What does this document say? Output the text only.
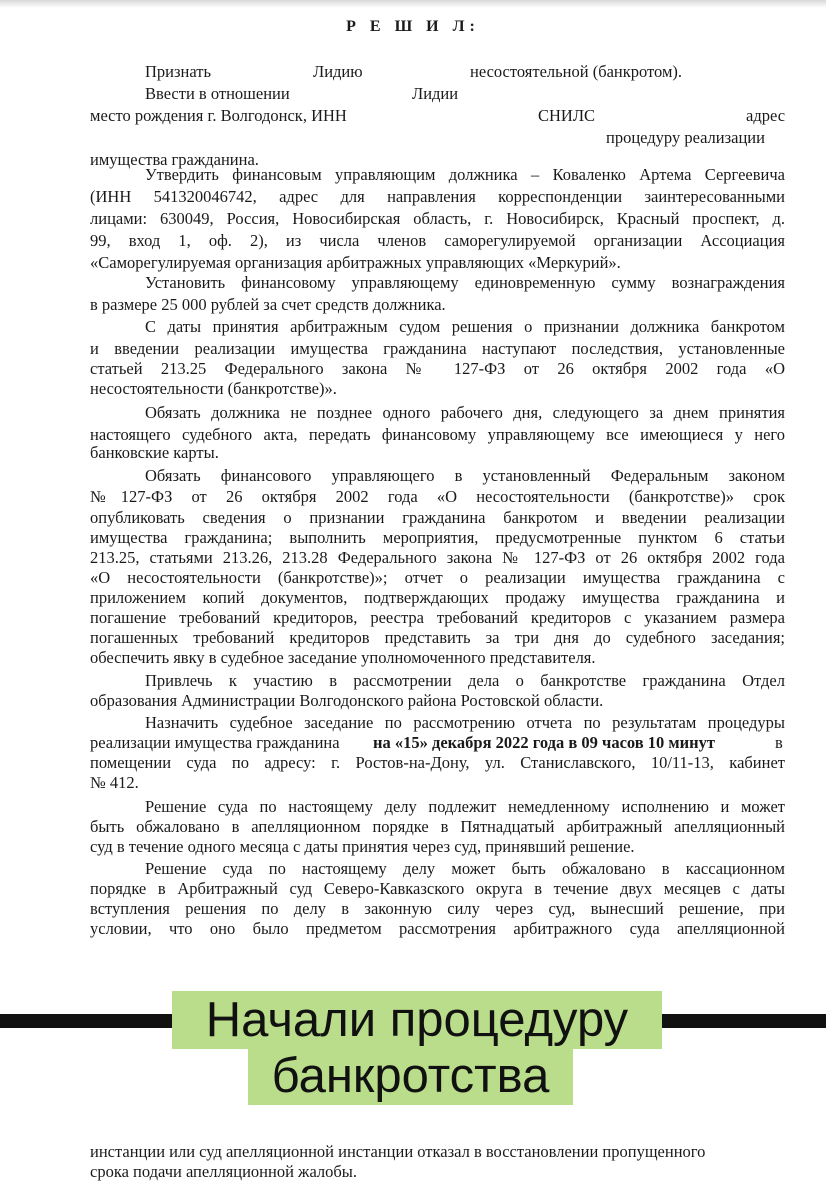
Р Е Ш И Л:
Признать	Лидию	несостоятельной (банкротом).
Ввести в отношении	Лидии
место рождения г. Волгодонск, ИНН	СНИЛС	адрес
процедуру реализации
имущества гражданина.
Утвердить финансовым управляющим должника – Коваленко Артема Сергеевича
(ИНН 541320046742, адрес для направления корреспонденции заинтересованными
лицами: 630049, Россия, Новосибирская область, г. Новосибирск, Красный проспект, д.
99, вход 1, оф. 2), из числа членов саморегулируемой организации Ассоциация
«Саморегулируемая организация арбитражных управляющих «Меркурий».
Установить финансовому управляющему единовременную сумму вознаграждения
в размере 25 000 рублей за счет средств должника.
С даты принятия арбитражным судом решения о признании должника банкротом
и введении реализации имущества гражданина наступают последствия, установленные
статьей 213.25 Федерального закона № 127-ФЗ от 26 октября 2002 года «О
несостоятельности (банкротстве)».
Обязать должника не позднее одного рабочего дня, следующего за днем принятия
настоящего судебного акта, передать финансовому управляющему все имеющиеся у него
банковские карты.
Обязать финансового управляющего в установленный Федеральным законом
№127-ФЗ от 26 октября 2002 года «О несостоятельности (банкротстве)» срок
опубликовать сведения о признании гражданина банкротом и введении реализации
имущества гражданина; выполнить мероприятия, предусмотренные пунктом 6 статьи
213.25, статьями 213.26, 213.28 Федерального закона № 127-ФЗ от 26 октября 2002 года
«О несостоятельности (банкротстве)»; отчет о реализации имущества гражданина с
приложением копий документов, подтверждающих продажу имущества гражданина и
погашение требований кредиторов, реестра требований кредиторов с указанием размера
погашенных требований кредиторов представить за три дня до судебного заседания;
обеспечить явку в судебное заседание уполномоченного представителя.
Привлечь к участию в рассмотрении дела о банкротстве гражданина Отдел
образования Администрации Волгодонского района Ростовской области.
Назначить судебное заседание по рассмотрению отчета по результатам процедуры
реализации имущества гражданина на «15» декабря 2022 года в 09 часов 10 минут	в
помещении суда по адресу: г. Ростов-на-Дону, ул. Станиславского, 10/11-13, кабинет
№ 412.
Решение суда по настоящему делу подлежит немедленному исполнению и может
быть обжаловано в апелляционном порядке в Пятнадцатый арбитражный апелляционный
суд в течение одного месяца с даты принятия через суд, принявший решение.
Решение суда по настоящему делу может быть обжаловано в кассационном
порядке в Арбитражный суд Северо-Кавказского округа в течение двух месяцев с даты
вступления решения по делу в законную силу через суд, вынесший решение, при
условии, что оно было предметом рассмотрения арбитражного суда апелляционной
Начали процедуру
банкротства
инстанции или суд апелляционной инстанции отказал в восстановлении пропущенного
срока подачи апелляционной жалобы.
